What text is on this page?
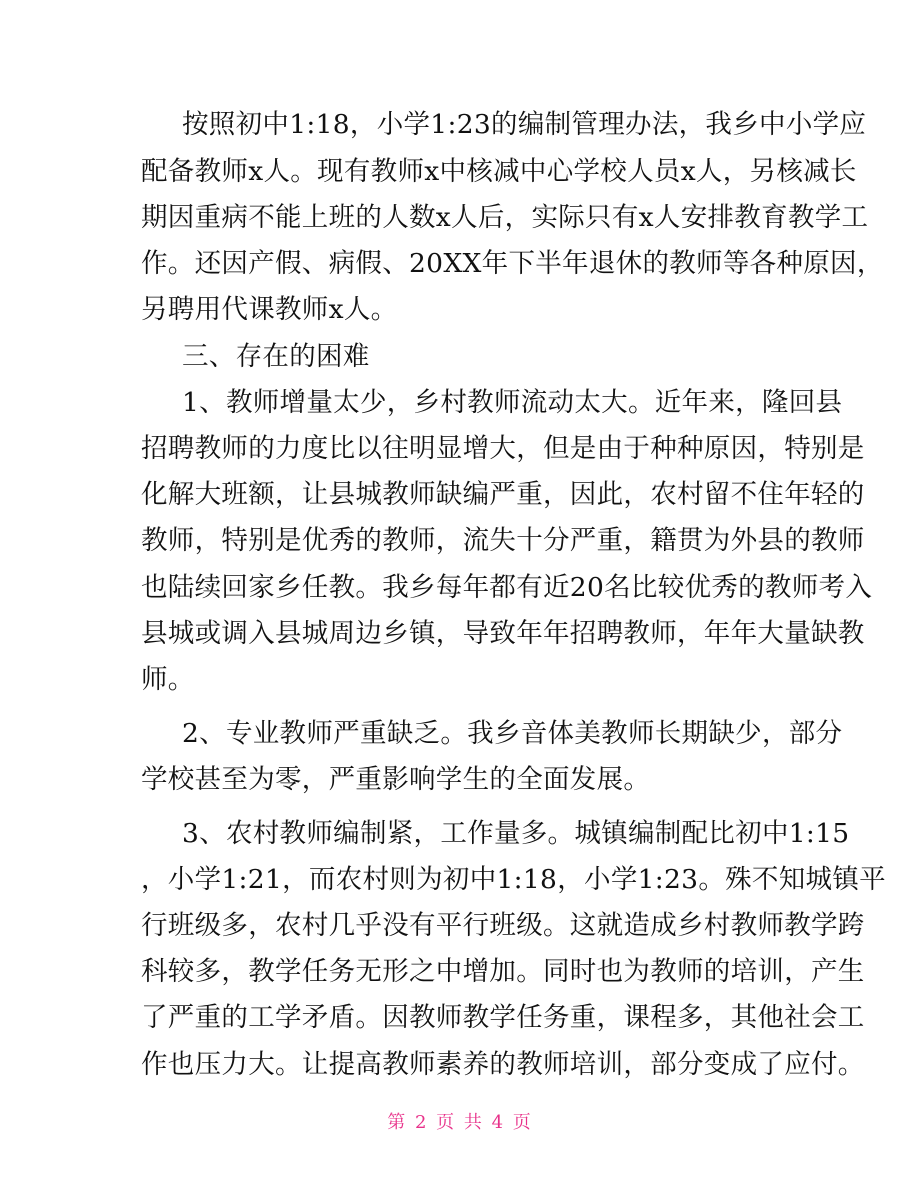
按照初中1:18，小学1:23的编制管理办法，我乡中小学应
配备教师x人。现有教师x中核减中心学校人员x人，另核减长
期因重病不能上班的人数x人后，实际只有x人安排教育教学工
作。还因产假、病假、20XX年下半年退休的教师等各种原因，
另聘用代课教师x人。
三、存在的困难
1、教师增量太少，乡村教师流动太大。近年来，隆回县
招聘教师的力度比以往明显增大，但是由于种种原因，特别是
化解大班额，让县城教师缺编严重，因此，农村留不住年轻的
教师，特别是优秀的教师，流失十分严重，籍贯为外县的教师
也陆续回家乡任教。我乡每年都有近20名比较优秀的教师考入
县城或调入县城周边乡镇，导致年年招聘教师，年年大量缺教
师。
2、专业教师严重缺乏。我乡音体美教师长期缺少，部分
学校甚至为零，严重影响学生的全面发展。
3、农村教师编制紧，工作量多。城镇编制配比初中1:15
，小学1:21，而农村则为初中1:18，小学1:23。殊不知城镇平
行班级多，农村几乎没有平行班级。这就造成乡村教师教学跨
科较多，教学任务无形之中增加。同时也为教师的培训，产生
了严重的工学矛盾。因教师教学任务重，课程多，其他社会工
作也压力大。让提高教师素养的教师培训，部分变成了应付。
第 2 页 共 4 页
